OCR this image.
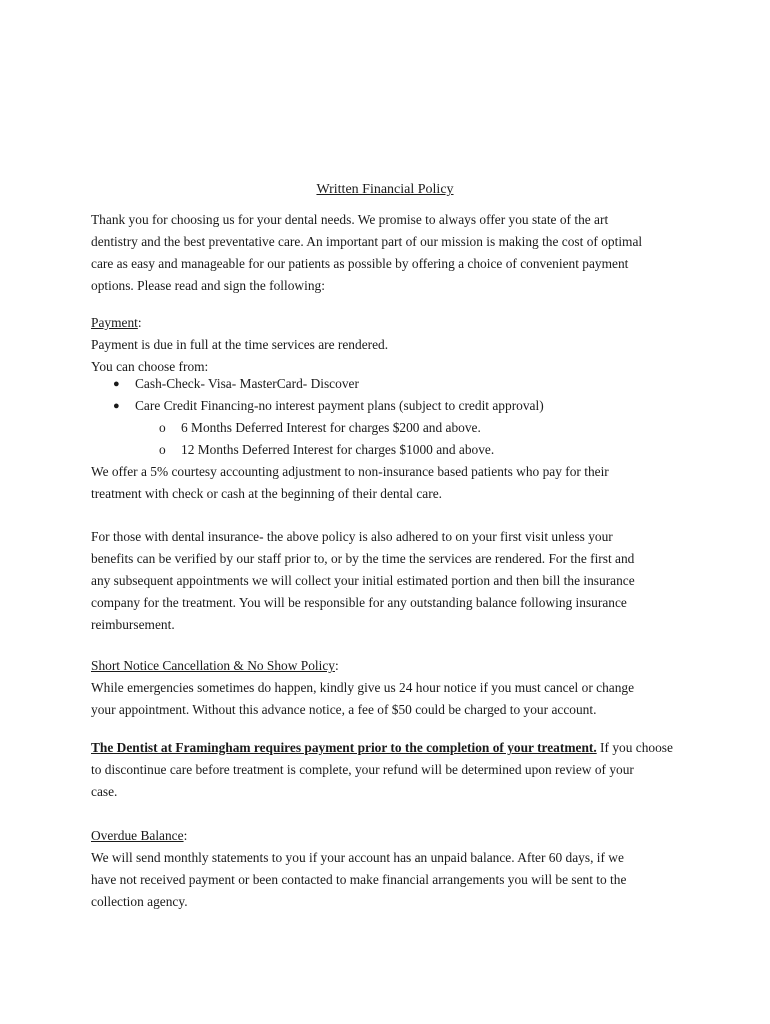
Written Financial Policy
Thank you for choosing us for your dental needs. We promise to always offer you state of the art
dentistry and the best preventative care. An important part of our mission is making the cost of optimal
care as easy and manageable for our patients as possible by offering a choice of convenient payment
options. Please read and sign the following:
Payment:
Payment is due in full at the time services are rendered.
You can choose from:
● Cash-Check- Visa- MasterCard- Discover
● Care Credit Financing-no interest payment plans (subject to credit approval)
o 6 Months Deferred Interest for charges $200 and above.
o 12 Months Deferred Interest for charges $1000 and above.
We offer a 5% courtesy accounting adjustment to non-insurance based patients who pay for their
treatment with check or cash at the beginning of their dental care.
For those with dental insurance- the above policy is also adhered to on your first visit unless your
benefits can be verified by our staff prior to, or by the time the services are rendered. For the first and
any subsequent appointments we will collect your initial estimated portion and then bill the insurance
company for the treatment. You will be responsible for any outstanding balance following insurance
reimbursement.
Short Notice Cancellation & No Show Policy:
While emergencies sometimes do happen, kindly give us 24 hour notice if you must cancel or change
your appointment. Without this advance notice, a fee of $50 could be charged to your account.
The Dentist at Framingham requires payment prior to the completion of your treatment. If you choose
to discontinue care before treatment is complete, your refund will be determined upon review of your
case.
Overdue Balance:
We will send monthly statements to you if your account has an unpaid balance. After 60 days, if we
have not received payment or been contacted to make financial arrangements you will be sent to the
collection agency.
